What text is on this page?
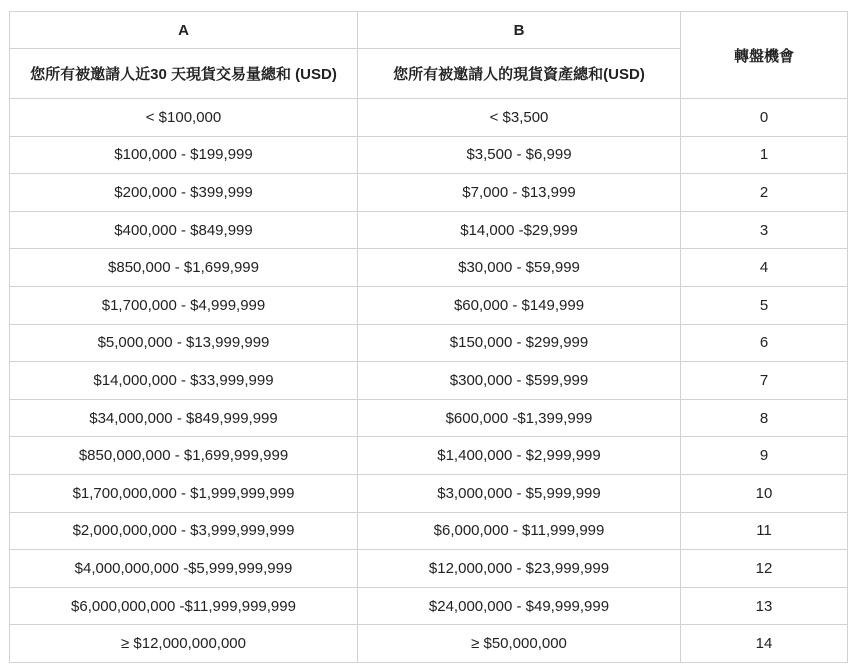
A	B	轉盤機會
您所有被邀請人近30 天現貨交易量總和 (USD)	您所有被邀請人的現貨資產總和(USD)	
< $100,000	< $3,500	0
$100,000 - $199,999	$3,500 - $6,999	1
$200,000 - $399,999	$7,000 - $13,999	2
$400,000 - $849,999	$14,000 -$29,999	3
$850,000 - $1,699,999	$30,000 - $59,999	4
$1,700,000 - $4,999,999	$60,000 - $149,999	5
$5,000,000 - $13,999,999	$150,000 - $299,999	6
$14,000,000 - $33,999,999	$300,000 - $599,999	7
$34,000,000 - $849,999,999	$600,000 -$1,399,999	8
$850,000,000 - $1,699,999,999	$1,400,000 - $2,999,999	9
$1,700,000,000 - $1,999,999,999	$3,000,000 - $5,999,999	10
$2,000,000,000 - $3,999,999,999	$6,000,000 - $11,999,999	11
$4,000,000,000 -$5,999,999,999	$12,000,000 - $23,999,999	12
$6,000,000,000 -$11,999,999,999	$24,000,000 - $49,999,999	13
≥ $12,000,000,000	≥ $50,000,000	14
